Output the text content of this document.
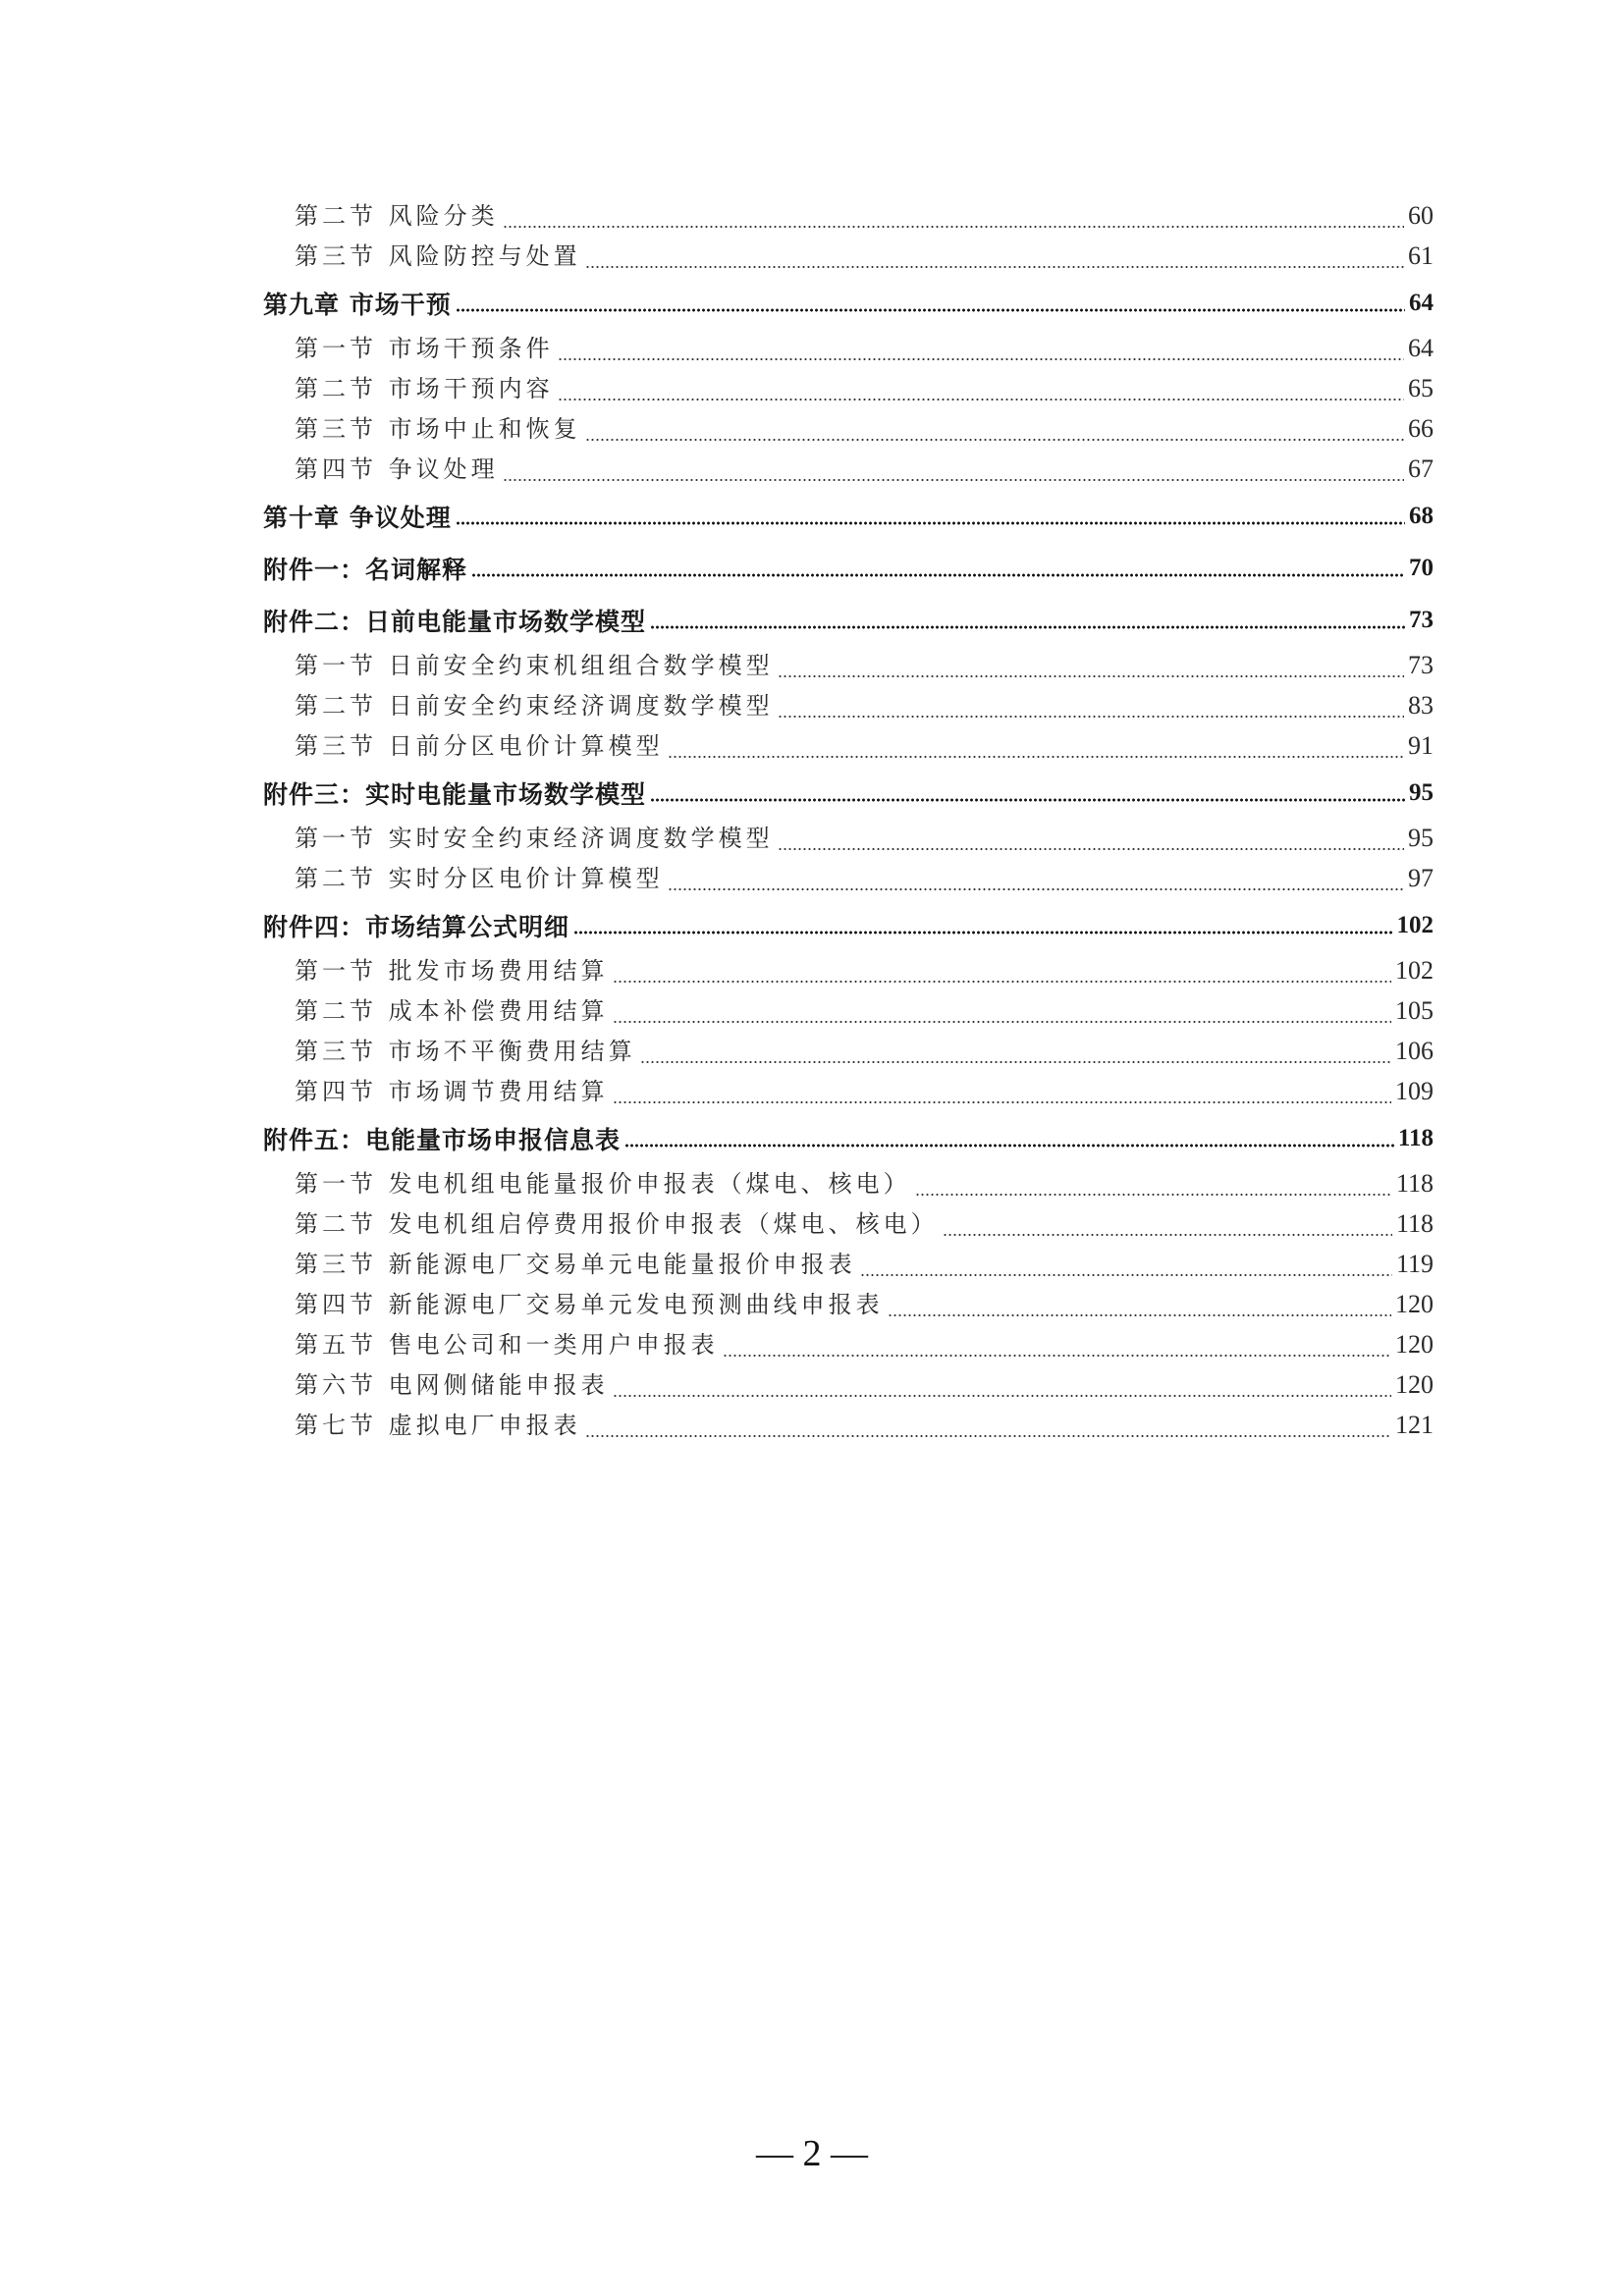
第二节 风险分类	60
第三节 风险防控与处置	61
第九章 市场干预	64
第一节 市场干预条件	64
第二节 市场干预内容	65
第三节 市场中止和恢复	66
第四节 争议处理	67
第十章 争议处理	68
附件一：名词解释	70
附件二：日前电能量市场数学模型	73
第一节 日前安全约束机组组合数学模型	73
第二节 日前安全约束经济调度数学模型	83
第三节 日前分区电价计算模型	91
附件三：实时电能量市场数学模型	95
第一节 实时安全约束经济调度数学模型	95
第二节 实时分区电价计算模型	97
附件四：市场结算公式明细	102
第一节 批发市场费用结算	102
第二节 成本补偿费用结算	105
第三节 市场不平衡费用结算	106
第四节 市场调节费用结算	109
附件五：电能量市场申报信息表	118
第一节 发电机组电能量报价申报表（煤电、核电）	118
第二节 发电机组启停费用报价申报表（煤电、核电）	118
第三节 新能源电厂交易单元电能量报价申报表	119
第四节 新能源电厂交易单元发电预测曲线申报表	120
第五节 售电公司和一类用户申报表	120
第六节 电网侧储能申报表	120
第七节 虚拟电厂申报表	121
— 2 —
